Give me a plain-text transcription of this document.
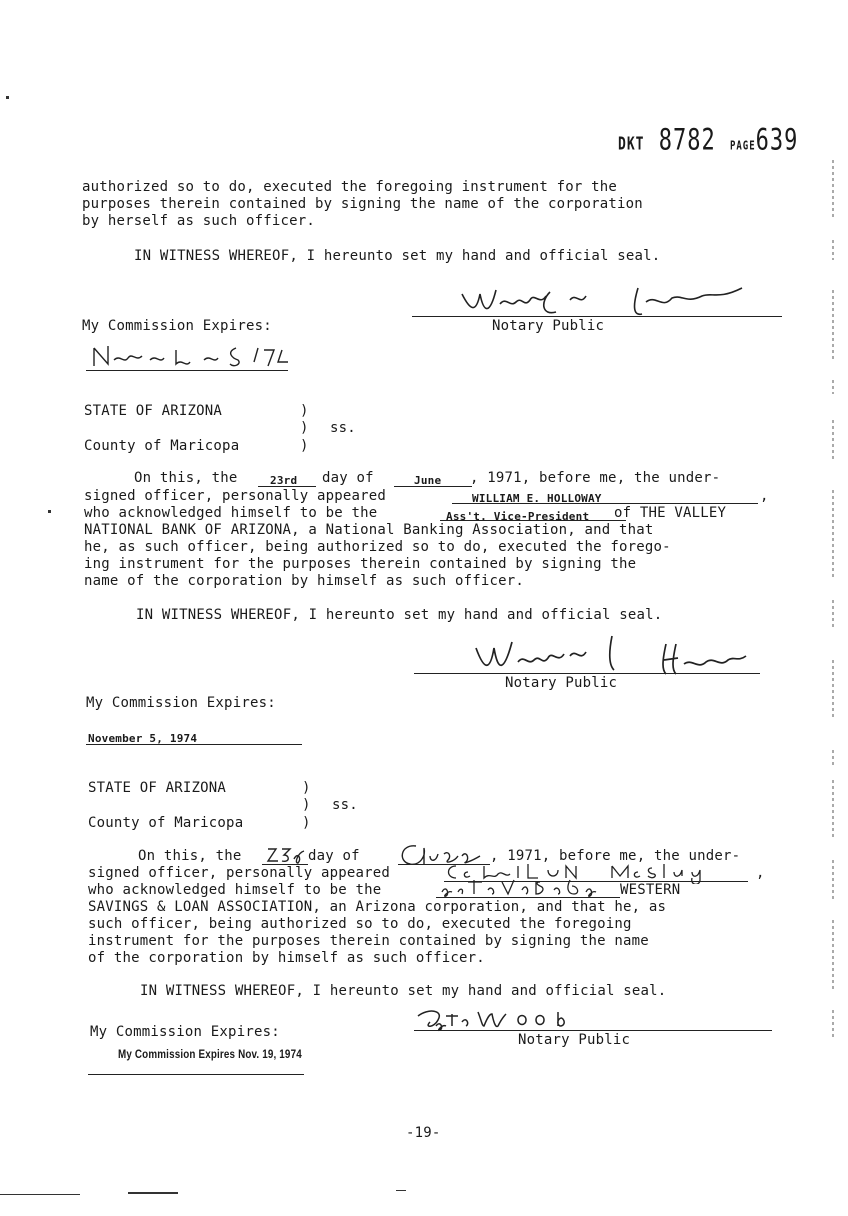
DKT 8782 PAGE639
authorized so to do, executed the foregoing instrument for the
purposes therein contained by signing the name of the corporation
by herself as such officer.
IN WITNESS WHEREOF, I hereunto set my hand and official seal.
Notary Public
My Commission Expires:
STATE OF ARIZONA	)
) ss.
County of Maricopa	)
On this, the	23rd day of	June , 1971, before me, the under-
signed officer, personally appeared	WILLIAM E. HOLLOWAY	,
who acknowledged himself to be the	Ass't. Vice-President of THE VALLEY
NATIONAL BANK OF ARIZONA, a National Banking Association, and that
he, as such officer, being authorized so to do, executed the forego-
ing instrument for the purposes therein contained by signing the
name of the corporation by himself as such officer.
IN WITNESS WHEREOF, I hereunto set my hand and official seal.
Notary Public
My Commission Expires:
November 5, 1974
STATE OF ARIZONA	)
) ss.
County of Maricopa	)
On this, the	day of	, 1971, before me, the under-
signed officer, personally appeared	,
who acknowledged himself to be the	WESTERN
SAVINGS & LOAN ASSOCIATION, an Arizona corporation, and that he, as
such officer, being authorized so to do, executed the foregoing
instrument for the purposes therein contained by signing the name
of the corporation by himself as such officer.
IN WITNESS WHEREOF, I hereunto set my hand and official seal.
Notary Public
My Commission Expires:
My Commission Expires Nov. 19, 1974
-19-
